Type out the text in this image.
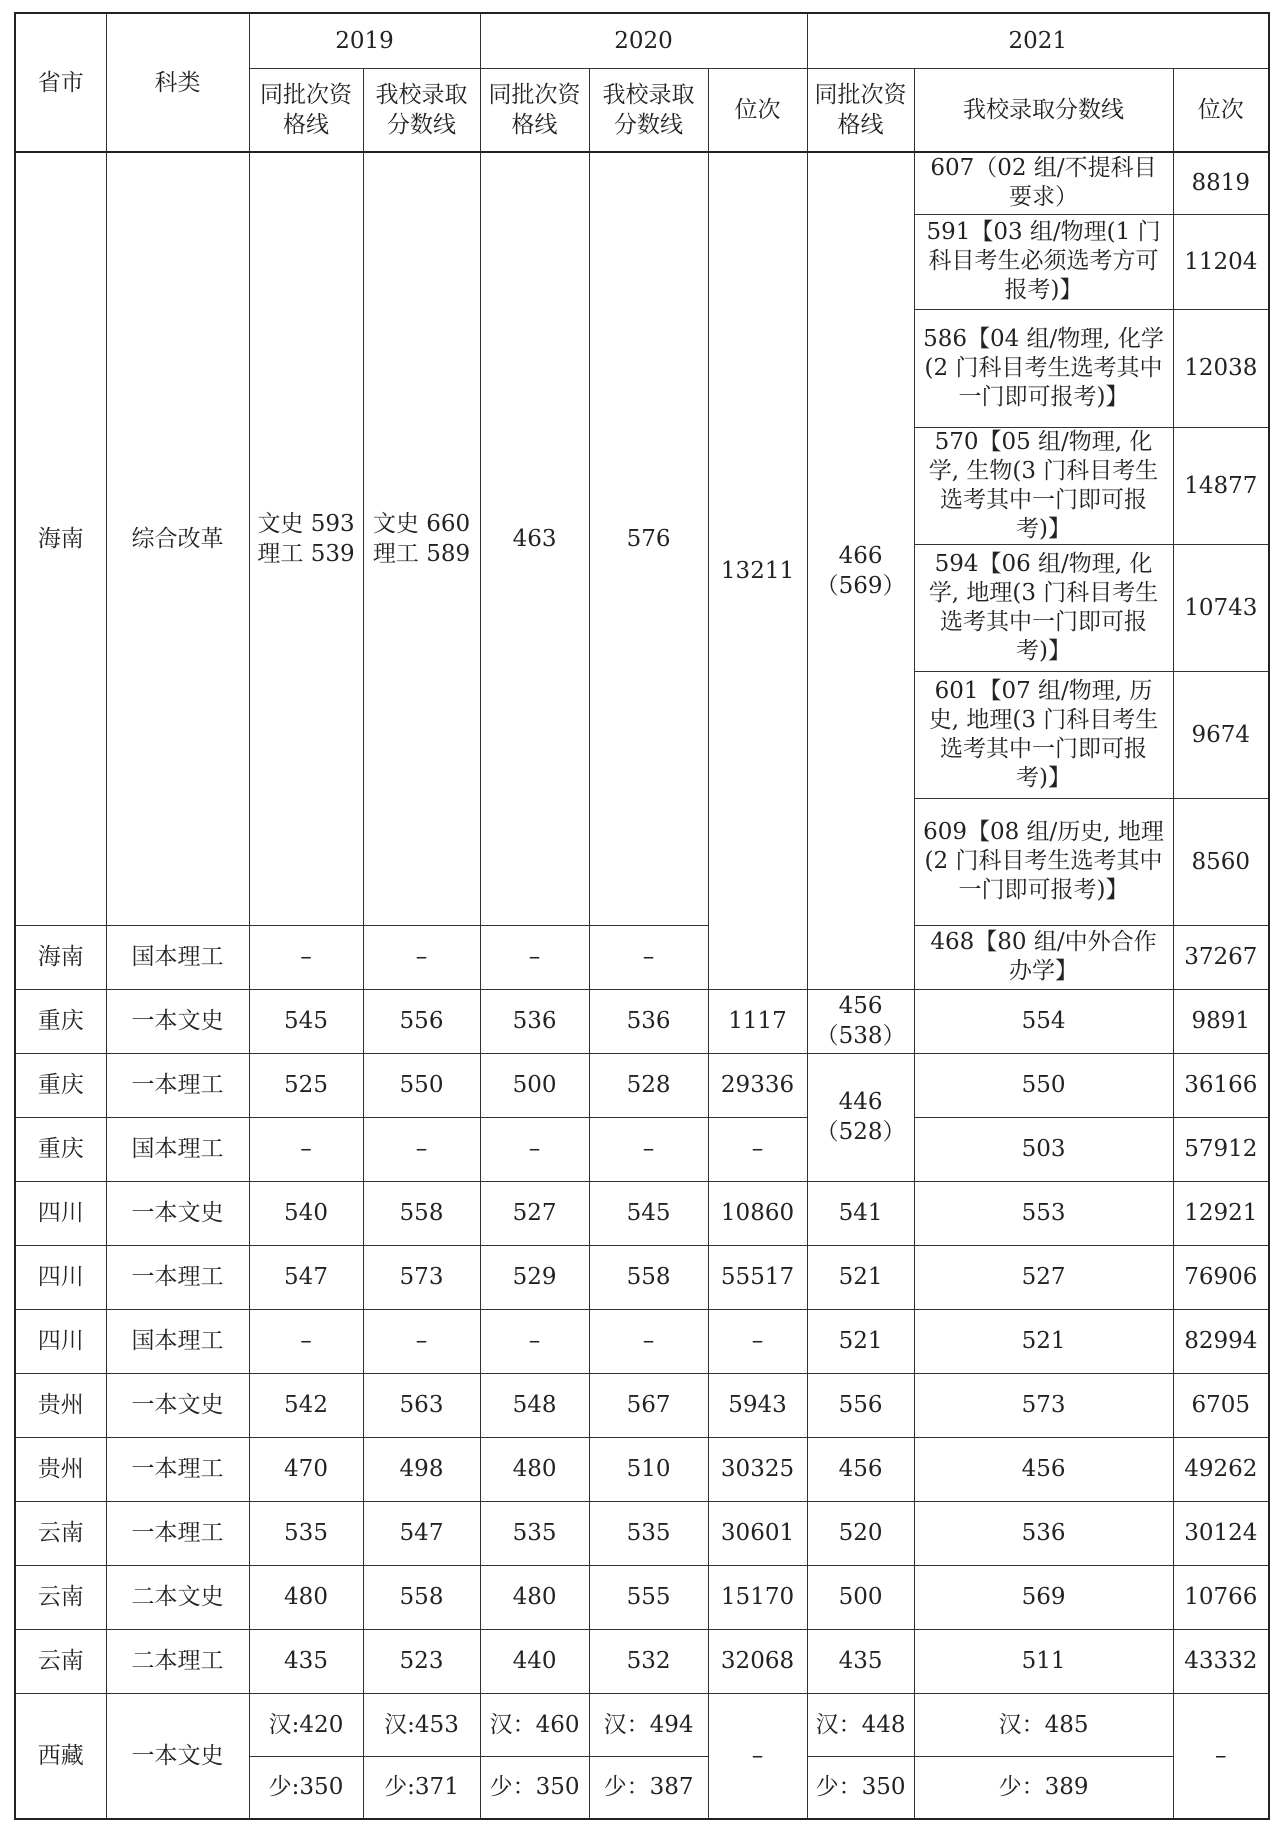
省市	科类	2019		2020			2021		
		同批次资格线	我校录取分数线	同批次资格线	我校录取分数线	位次	同批次资格线	我校录取分数线	位次
海南	综合改革	文史 593 理工 539	文史 660 理工 589	463	576	13211	466（569）	607（02 组/不提科目要求）	8819
								591【03 组/物理(1 门科目考生必须选考方可报考)】	11204
								586【04 组/物理, 化学(2 门科目考生选考其中一门即可报考)】	12038
								570【05 组/物理, 化学, 生物(3 门科目考生选考其中一门即可报考)】	14877
								594【06 组/物理, 化学, 地理(3 门科目考生选考其中一门即可报考)】	10743
								601【07 组/物理, 历史, 地理(3 门科目考生选考其中一门即可报考)】	9674
								609【08 组/历史, 地理(2 门科目考生选考其中一门即可报考)】	8560
海南	国本理工	–	–	–	–			468【80 组/中外合作办学】	37267
重庆	一本文史	545	556	536	536	1117	456（538）	554	9891
重庆	一本理工	525	550	500	528	29336	446（528）	550	36166
重庆	国本理工	–	–	–	–	–		503	57912
四川	一本文史	540	558	527	545	10860	541	553	12921
四川	一本理工	547	573	529	558	55517	521	527	76906
四川	国本理工	–	–	–	–	–	521	521	82994
贵州	一本文史	542	563	548	567	5943	556	573	6705
贵州	一本理工	470	498	480	510	30325	456	456	49262
云南	一本理工	535	547	535	535	30601	520	536	30124
云南	二本文史	480	558	480	555	15170	500	569	10766
云南	二本理工	435	523	440	532	32068	435	511	43332
西藏	一本文史	汉:420	汉:453	汉：460	汉：494	–	汉：448	汉：485	–
		少:350	少:371	少：350	少：387		少：350	少：389	
